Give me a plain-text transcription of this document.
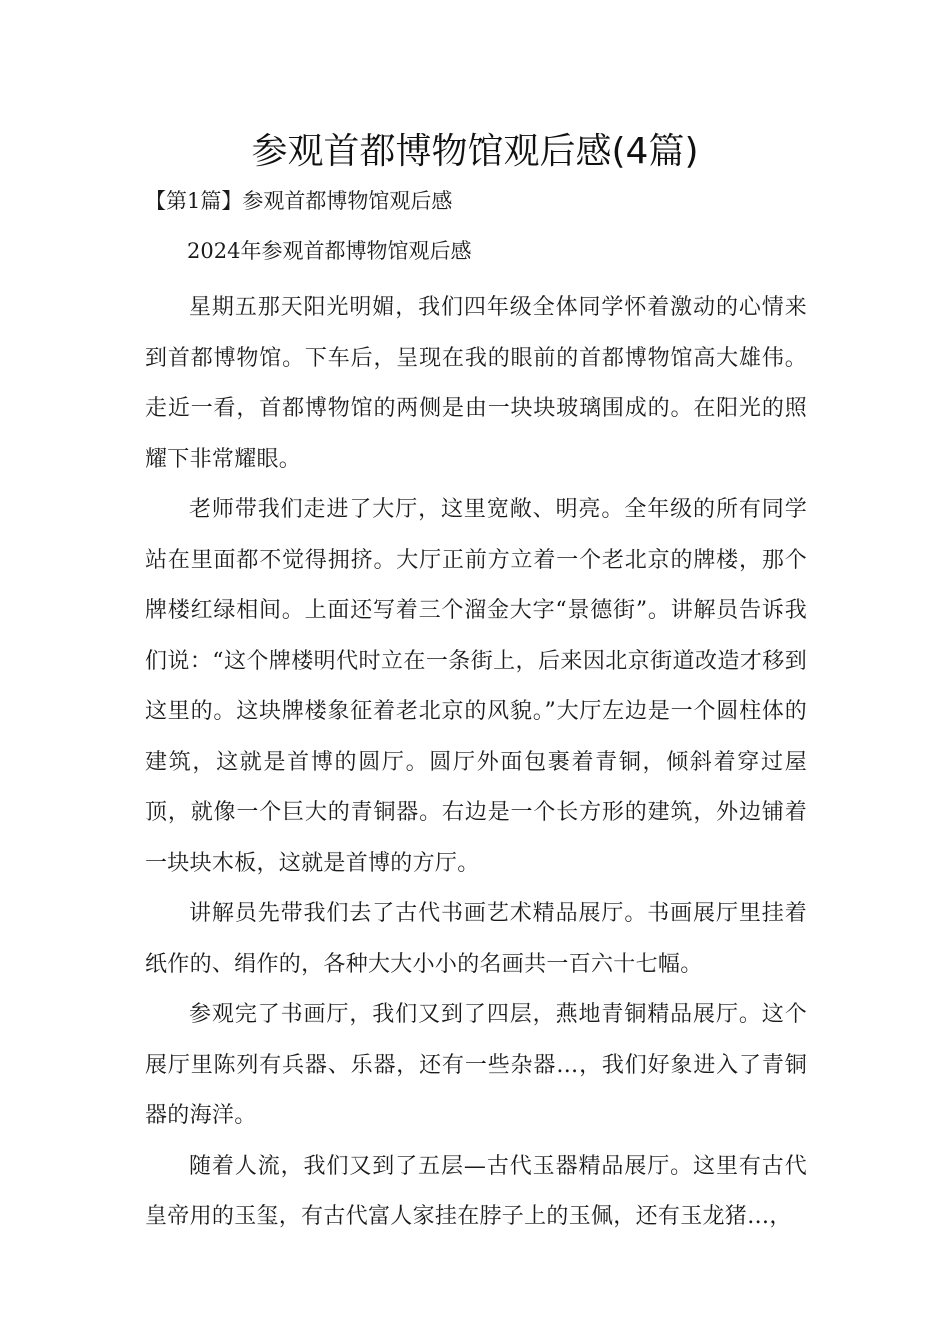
参观首都博物馆观后感(4篇)
【第1篇】参观首都博物馆观后感

2024年参观首都博物馆观后感

星期五那天阳光明媚，我们四年级全体同学怀着激动的心情来到首都博物馆。下车后，呈现在我的眼前的首都博物馆高大雄伟。走近一看，首都博物馆的两侧是由一块块玻璃围成的。在阳光的照耀下非常耀眼。

老师带我们走进了大厅，这里宽敞、明亮。全年级的所有同学站在里面都不觉得拥挤。大厅正前方立着一个老北京的牌楼，那个牌楼红绿相间。上面还写着三个溜金大字“景德街”。讲解员告诉我们说：“这个牌楼明代时立在一条街上，后来因北京街道改造才移到这里的。这块牌楼象征着老北京的风貌。”大厅左边是一个圆柱体的建筑，这就是首博的圆厅。圆厅外面包裹着青铜，倾斜着穿过屋顶，就像一个巨大的青铜器。右边是一个长方形的建筑，外边铺着一块块木板，这就是首博的方厅。

讲解员先带我们去了古代书画艺术精品展厅。书画展厅里挂着纸作的、绢作的，各种大大小小的名画共一百六十七幅。

参观完了书画厅，我们又到了四层，燕地青铜精品展厅。这个展厅里陈列有兵器、乐器，还有一些杂器…，我们好象进入了青铜器的海洋。

随着人流，我们又到了五层—古代玉器精品展厅。这里有古代皇帝用的玉玺，有古代富人家挂在脖子上的玉佩，还有玉龙猪…，
